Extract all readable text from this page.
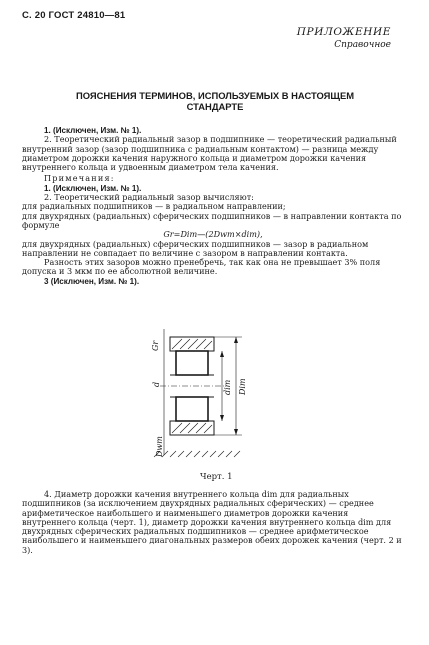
С. 20 ГОСТ 24810—81
ПРИЛОЖЕНИЕ
Справочное
ПОЯСНЕНИЯ ТЕРМИНОВ, ИСПОЛЬЗУЕМЫХ В НАСТОЯЩЕМ
СТАНДАРТЕ

1. (Исключен, Изм. № 1).

2. Теоретический радиальный зазор в подшипнике — теоретический радиальный внутренний зазор (зазор подшипника с радиальным контактом) — разница между диаметром дорожки качения наружного кольца и диаметром дорожки качения внутреннего кольца и удвоенным диаметром тела качения.

Примечания:

1. (Исключен, Изм. № 1).

2. Теоретический радиальный зазор вычисляют:

для радиальных подшипников — в радиальном направлении;

для двухрядных (радиальных) сферических подшипников — в направлении контакта по формуле

Gr=Dim—(2Dwm×dim),

для двухрядных (радиальных) сферических подшипников — зазор в радиальном направлении не совпадает по величине с зазором в направлении контакта.

Разность этих зазоров можно пренебречь, так как она не превышает 3% поля допуска и 3 мкм по ее абсолютной величине.

3 (Исключен, Изм. № 1).

Gr
d	dim Dim
Dwm
Черт. 1

4. Диаметр дорожки качения внутреннего кольца dim для радиальных подшипников (за исключением двухрядных радиальных сферических) — среднее арифметическое наибольшего и наименьшего диаметров дорожки качения внутреннего кольца (черт. 1), диаметр дорожки качения внутреннего кольца dim для двухрядных сферических радиальных подшипников — среднее арифметическое наибольшего и наименьшего диагональных размеров обеих дорожек качения (черт. 2 и 3).
